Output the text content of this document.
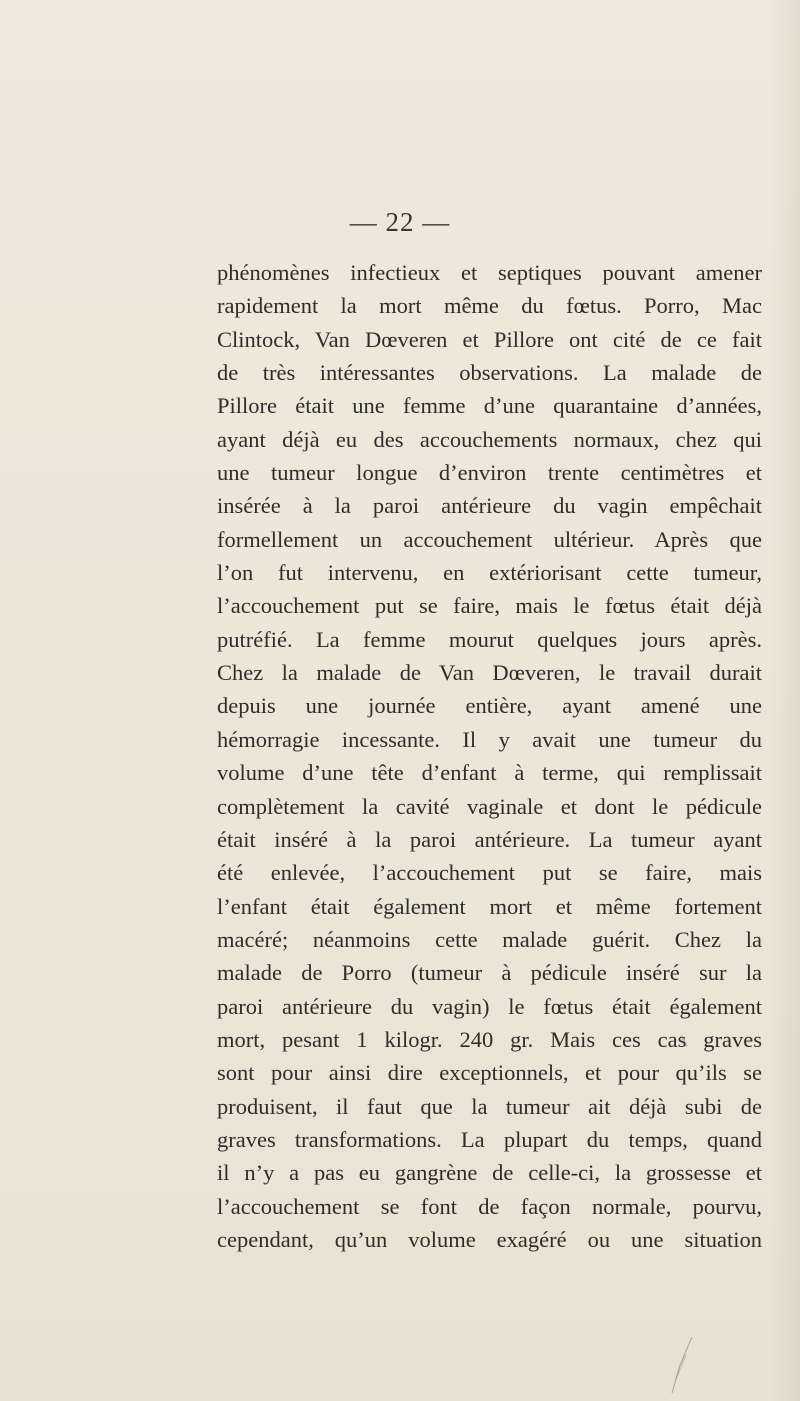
— 22 —
phénomènes infectieux et septiques pouvant amener
rapidement la mort même du fœtus. Porro, Mac
Clintock, Van Dœveren et Pillore ont cité de ce fait
de très intéressantes observations. La malade de
Pillore était une femme d’une quarantaine d’années,
ayant déjà eu des accouchements normaux, chez qui
une tumeur longue d’environ trente centimètres et
insérée à la paroi antérieure du vagin empêchait
formellement un accouchement ultérieur. Après que
l’on fut intervenu, en extériorisant cette tumeur,
l’accouchement put se faire, mais le fœtus était déjà
putréfié. La femme mourut quelques jours après.
Chez la malade de Van Dœveren, le travail durait
depuis une journée entière, ayant amené une
hémorragie incessante. Il y avait une tumeur du
volume d’une tête d’enfant à terme, qui remplissait
complètement la cavité vaginale et dont le pédicule
était inséré à la paroi antérieure. La tumeur ayant
été enlevée, l’accouchement put se faire, mais
l’enfant était également mort et même fortement
macéré; néanmoins cette malade guérit. Chez la
malade de Porro (tumeur à pédicule inséré sur la
paroi antérieure du vagin) le fœtus était également
mort, pesant 1 kilogr. 240 gr. Mais ces cas graves
sont pour ainsi dire exceptionnels, et pour qu’ils se
produisent, il faut que la tumeur ait déjà subi de
graves transformations. La plupart du temps, quand
il n’y a pas eu gangrène de celle-ci, la grossesse et
l’accouchement se font de façon normale, pourvu,
cependant, qu’un volume exagéré ou une situation
